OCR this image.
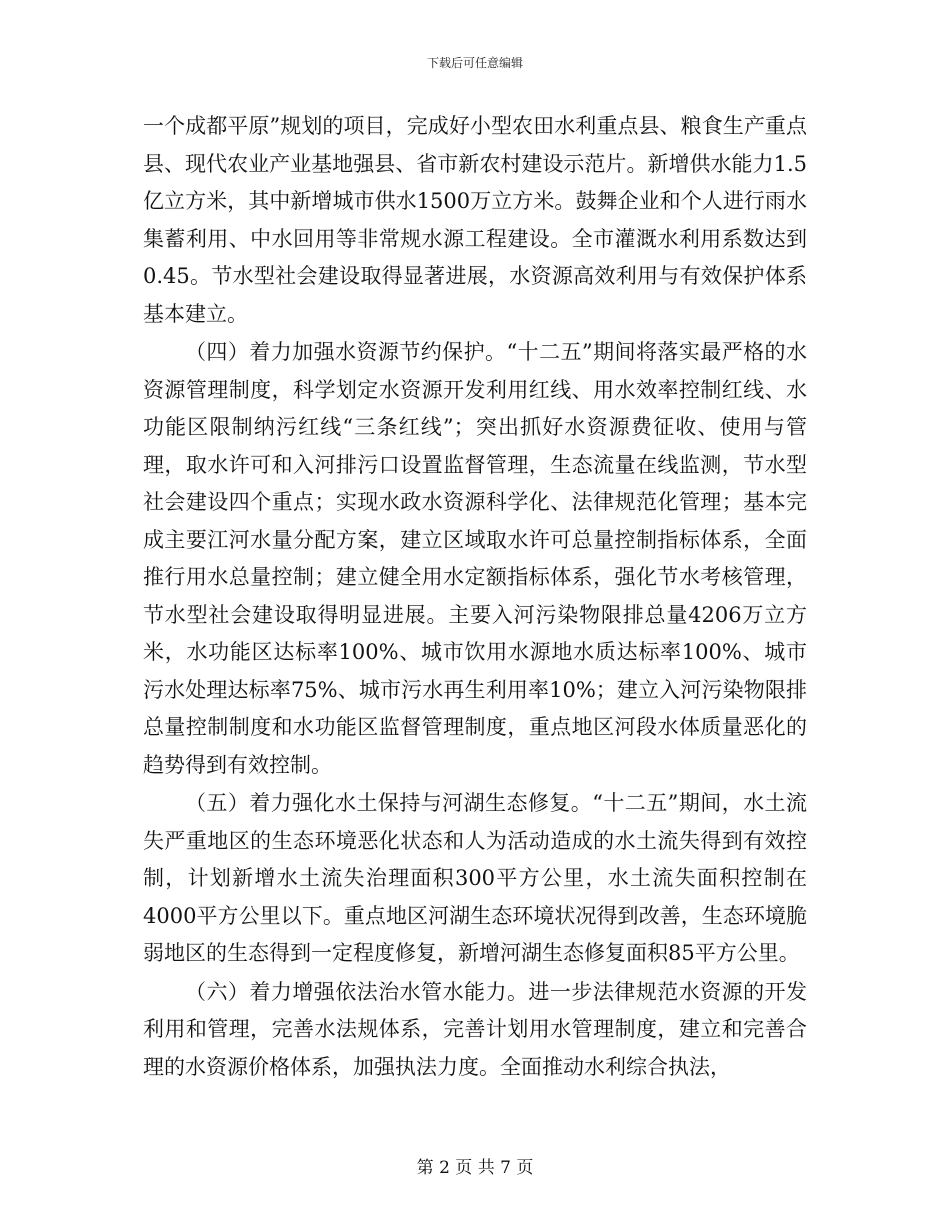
下载后可任意编辑

一个成都平原”规划的项目，完成好小型农田水利重点县、粮食生产重点县、现代农业产业基地强县、省市新农村建设示范片。新增供水能力1.5亿立方米，其中新增城市供水1500万立方米。鼓舞企业和个人进行雨水集蓄利用、中水回用等非常规水源工程建设。全市灌溉水利用系数达到0.45。节水型社会建设取得显著进展，水资源高效利用与有效保护体系基本建立。

（四）着力加强水资源节约保护。“十二五”期间将落实最严格的水资源管理制度，科学划定水资源开发利用红线、用水效率控制红线、水功能区限制纳污红线“三条红线”；突出抓好水资源费征收、使用与管理，取水许可和入河排污口设置监督管理，生态流量在线监测，节水型社会建设四个重点；实现水政水资源科学化、法律规范化管理；基本完成主要江河水量分配方案，建立区域取水许可总量控制指标体系，全面推行用水总量控制；建立健全用水定额指标体系，强化节水考核管理，节水型社会建设取得明显进展。主要入河污染物限排总量4206万立方米，水功能区达标率100%、城市饮用水源地水质达标率100%、城市污水处理达标率75%、城市污水再生利用率10%；建立入河污染物限排总量控制制度和水功能区监督管理制度，重点地区河段水体质量恶化的趋势得到有效控制。

（五）着力强化水土保持与河湖生态修复。“十二五”期间，水土流失严重地区的生态环境恶化状态和人为活动造成的水土流失得到有效控制，计划新增水土流失治理面积300平方公里，水土流失面积控制在4000平方公里以下。重点地区河湖生态环境状况得到改善，生态环境脆弱地区的生态得到一定程度修复，新增河湖生态修复面积85平方公里。

（六）着力增强依法治水管水能力。进一步法律规范水资源的开发利用和管理，完善水法规体系，完善计划用水管理制度，建立和完善合理的水资源价格体系，加强执法力度。全面推动水利综合执法，

第 2 页 共 7 页
